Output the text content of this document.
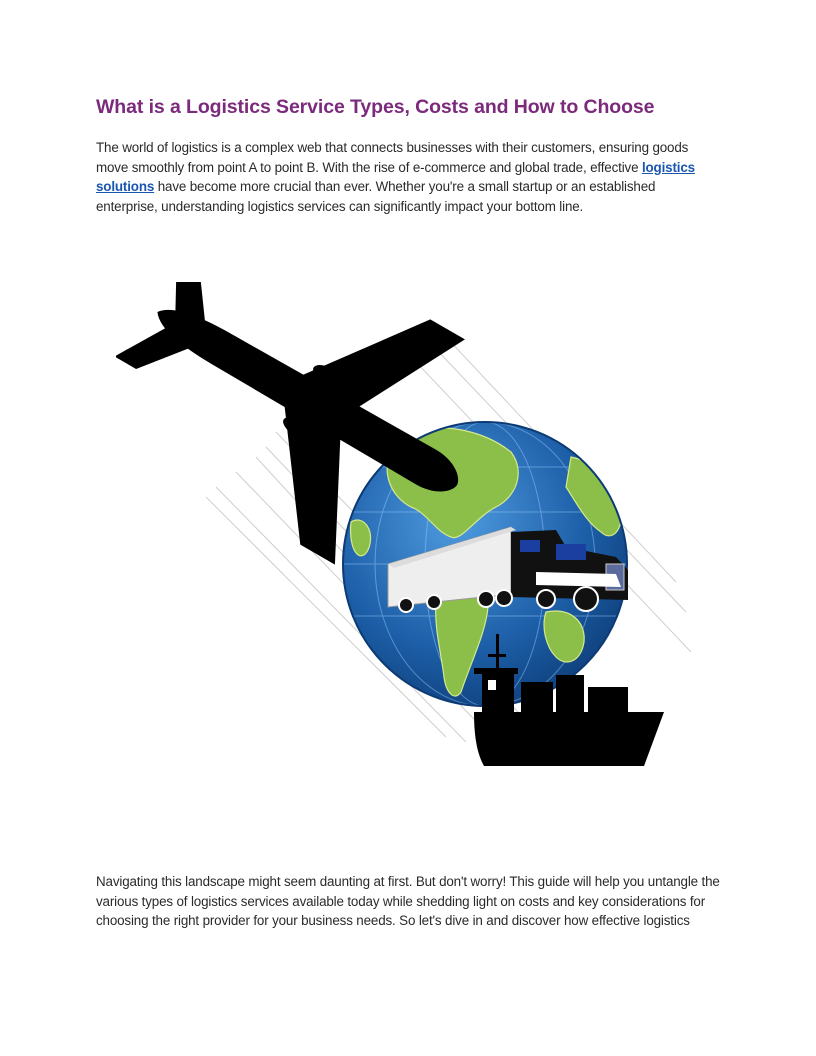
What is a Logistics Service Types, Costs and How to Choose

The world of logistics is a complex web that connects businesses with their customers, ensuring goods move smoothly from point A to point B. With the rise of e-commerce and global trade, effective logistics solutions have become more crucial than ever. Whether you're a small startup or an established enterprise, understanding logistics services can significantly impact your bottom line.

Navigating this landscape might seem daunting at first. But don't worry! This guide will help you untangle the various types of logistics services available today while shedding light on costs and key considerations for choosing the right provider for your business needs. So let's dive in and discover how effective logistics
